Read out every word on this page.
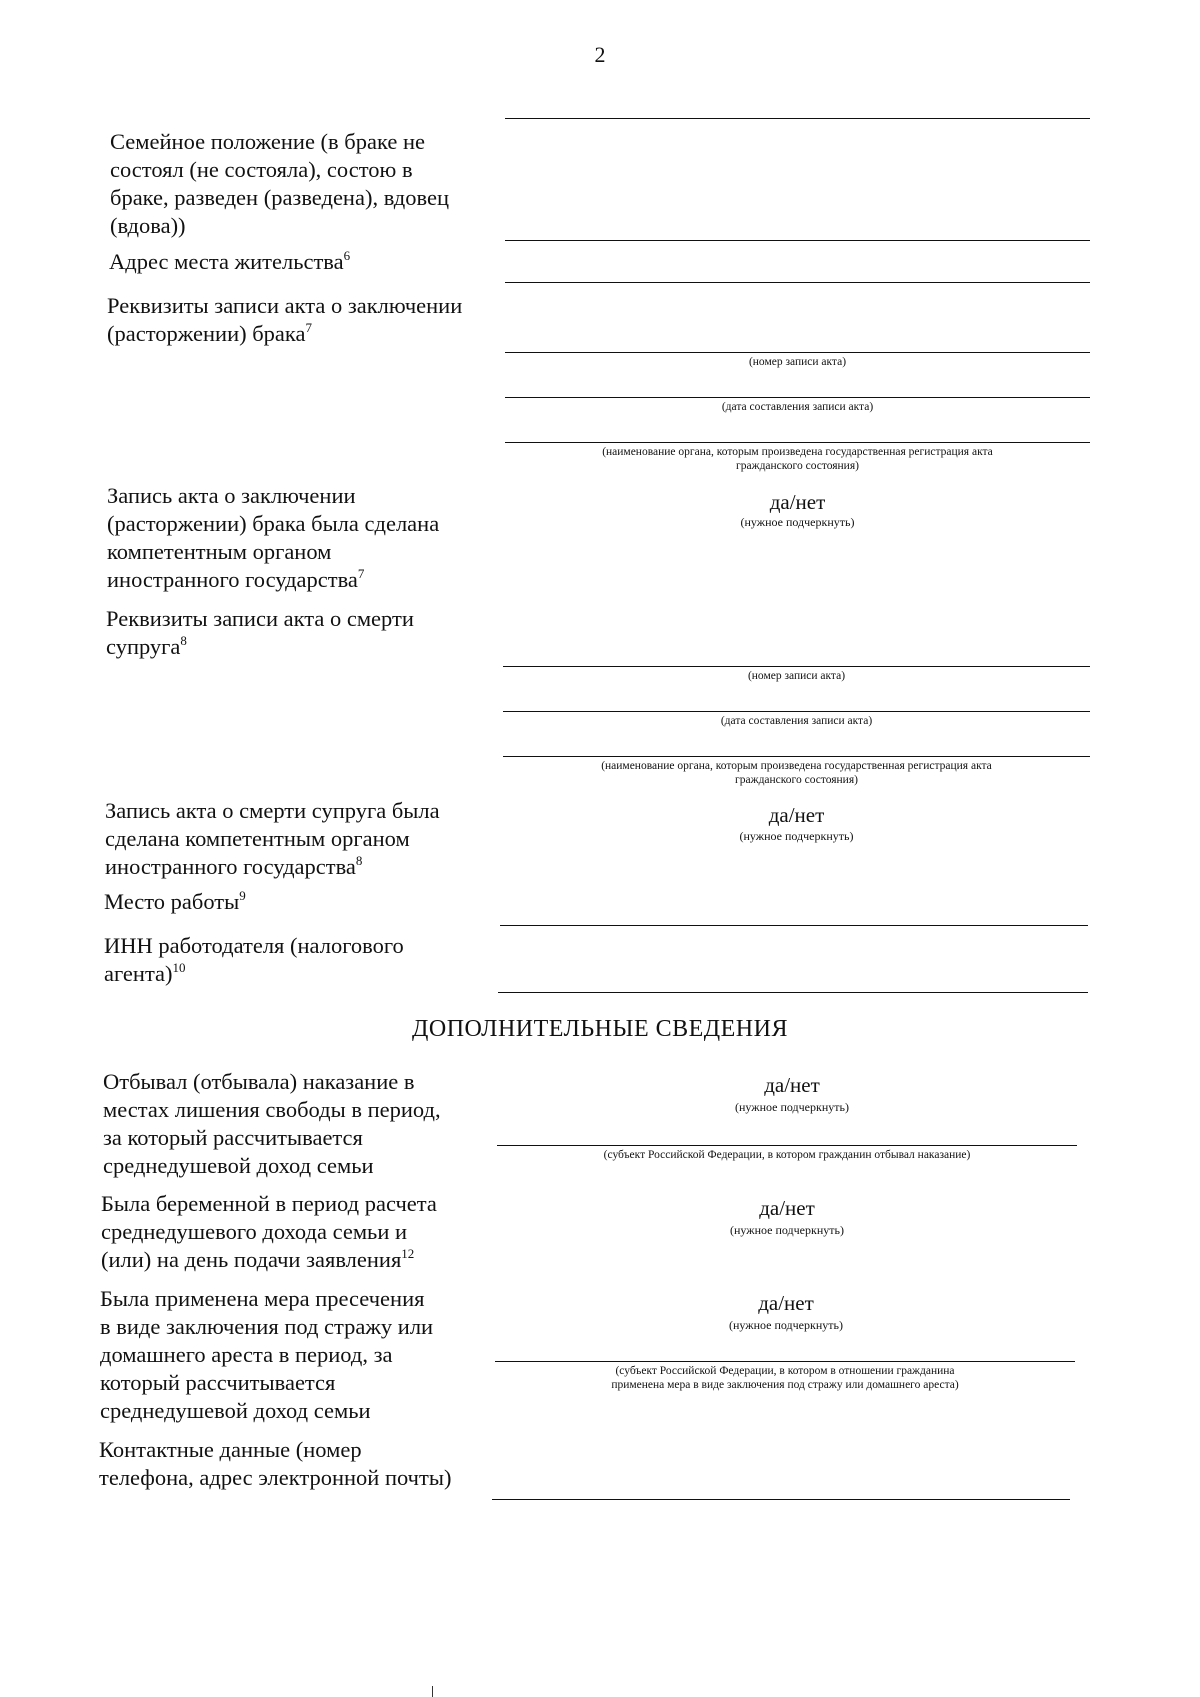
2

Семейное положение (в браке не
состоял (не состояла), состою в
браке, разведен (разведена), вдовец
(вдова))

Адрес места жительства$^6$

Реквизиты записи акта о заключении
(расторжении) брака$^7$

(номер записи акта)
(дата составления записи акта)
(наименование органа, которым произведена государственная регистрация акта
гражданского состояния)

Запись акта о заключении
(расторжении) брака была сделана
компетентным органом
иностранного государства$^7$

да/нет
(нужное подчеркнуть)

Реквизиты записи акта о смерти
супруга$^8$

(номер записи акта)
(дата составления записи акта)
(наименование органа, которым произведена государственная регистрация акта
гражданского состояния)

Запись акта о смерти супруга была
сделана компетентным органом
иностранного государства$^8$

да/нет
(нужное подчеркнуть)

Место работы$^9$

ИНН работодателя (налогового
агента)$^{10}$

ДОПОЛНИТЕЛЬНЫЕ СВЕДЕНИЯ

Отбывал (отбывала) наказание в
местах лишения свободы в период,
за который рассчитывается
среднедушевой доход семьи

да/нет
(нужное подчеркнуть)
(субъект Российской Федерации, в котором гражданин отбывал наказание)

Была беременной в период расчета
среднедушевого дохода семьи и
(или) на день подачи заявления$^{12}$

да/нет
(нужное подчеркнуть)

Была применена мера пресечения
в виде заключения под стражу или
домашнего ареста в период, за
который рассчитывается
среднедушевой доход семьи

да/нет
(нужное подчеркнуть)
(субъект Российской Федерации, в котором в отношении гражданина
применена мера в виде заключения под стражу или домашнего ареста)

Контактные данные (номер
телефона, адрес электронной почты)
